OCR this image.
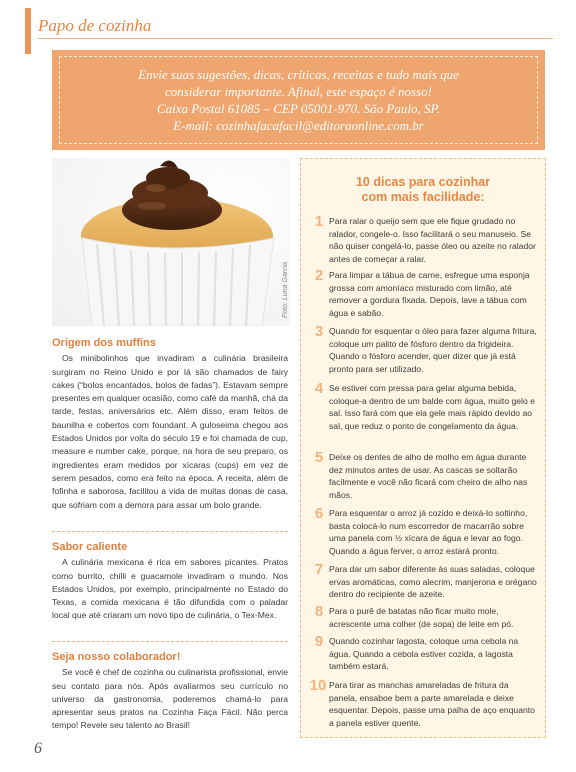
Papo de cozinha
Envie suas sugestões, dicas, críticas, receitas e tudo mais que
considerar importante. Afinal, este espaço é nosso!
Caixa Postal 61085 – CEP 05001-970. São Paulo, SP.
E-mail: cozinhafacafacil@editoraonline.com.br
Foto: Luna Garcia
Origem dos muffins

Os minibolinhos que invadiram a culinária brasileira surgiram no Reino Unido e por lá são chamados de fairy cakes (“bolos encantados, bolos de fadas”). Estavam sempre presentes em qualquer ocasião, como café da manhã, chá da tarde, festas, aniversários etc. Além disso, eram feitos de baunilha e cobertos com foundant. A guloseima chegou aos Estados Unidos por volta do século 19 e foi chamada de cup, measure e number cake, porque, na hora de seu preparo, os ingredientes eram medidos por xícaras (cups) em vez de serem pesados, como era feito na época. A receita, além de fofinha e saborosa, facilitou a vida de muitas donas de casa, que sofriam com a demora para assar um bolo grande.

Sabor caliente

A culinária mexicana é rica em sabores picantes. Pratos como burrito, chilli e guacamole invadiram o mundo. Nos Estados Unidos, por exemplo, principalmente no Estado do Texas, a comida mexicana é tão difundida com o paladar local que até criaram um novo tipo de culinária, o Tex-Mex.

Seja nosso colaborador!

Se você é chef de cozinha ou culinarista profissional, envie seu contato para nós. Após avaliarmos seu currículo no universo da gastronomia, poderemos chamá-lo para apresentar seus pratos na Cozinha Faça Fácil. Não perca tempo! Revele seu talento ao Brasil!

10 dicas para cozinhar
com mais facilidade:
1 Para ralar o queijo sem que ele fique grudado no ralador, congele-o. Isso facilitará o seu manuseio. Se não quiser congelá-lo, passe óleo ou azeite no ralador antes de começar a ralar.
2 Para limpar a tábua de carne, esfregue uma esponja grossa com amoníaco misturado com limão, até remover a gordura fixada. Depois, lave a tábua com água e sabão.
3 Quando for esquentar o óleo para fazer alguma fritura, coloque um palito de fósforo dentro da frigideira. Quando o fósforo acender, quer dizer que já está pronto para ser utilizado.
4 Se estiver com pressa para gelar alguma bebida, coloque-a dentro de um balde com água, muito gelo e sal. Isso fará com que ela gele mais rápido devido ao sal, que reduz o ponto de congelamento da água.
5 Deixe os dentes de alho de molho em água durante dez minutos antes de usar. As cascas se soltarão facilmente e você não ficará com cheiro de alho nas mãos.
6 Para esquentar o arroz já cozido e deixá-lo soltinho, basta colocá-lo num escorredor de macarrão sobre uma panela com ½ xícara de água e levar ao fogo. Quando a água ferver, o arroz estará pronto.
7 Para dar um sabor diferente às suas saladas, coloque ervas aromáticas, como alecrim, manjerona e orégano dentro do recipiente de azeite.
8 Para o purê de batatas não ficar muito mole, acrescente uma colher (de sopa) de leite em pó.
9 Quando cozinhar lagosta, coloque uma cebola na água. Quando a cebola estiver cozida, a lagosta também estará.
10 Para tirar as manchas amareladas de fritura da panela, ensaboe bem a parte amarelada e deixe esquentar. Depois, passe uma palha de aço enquanto a panela estiver quente.
6
